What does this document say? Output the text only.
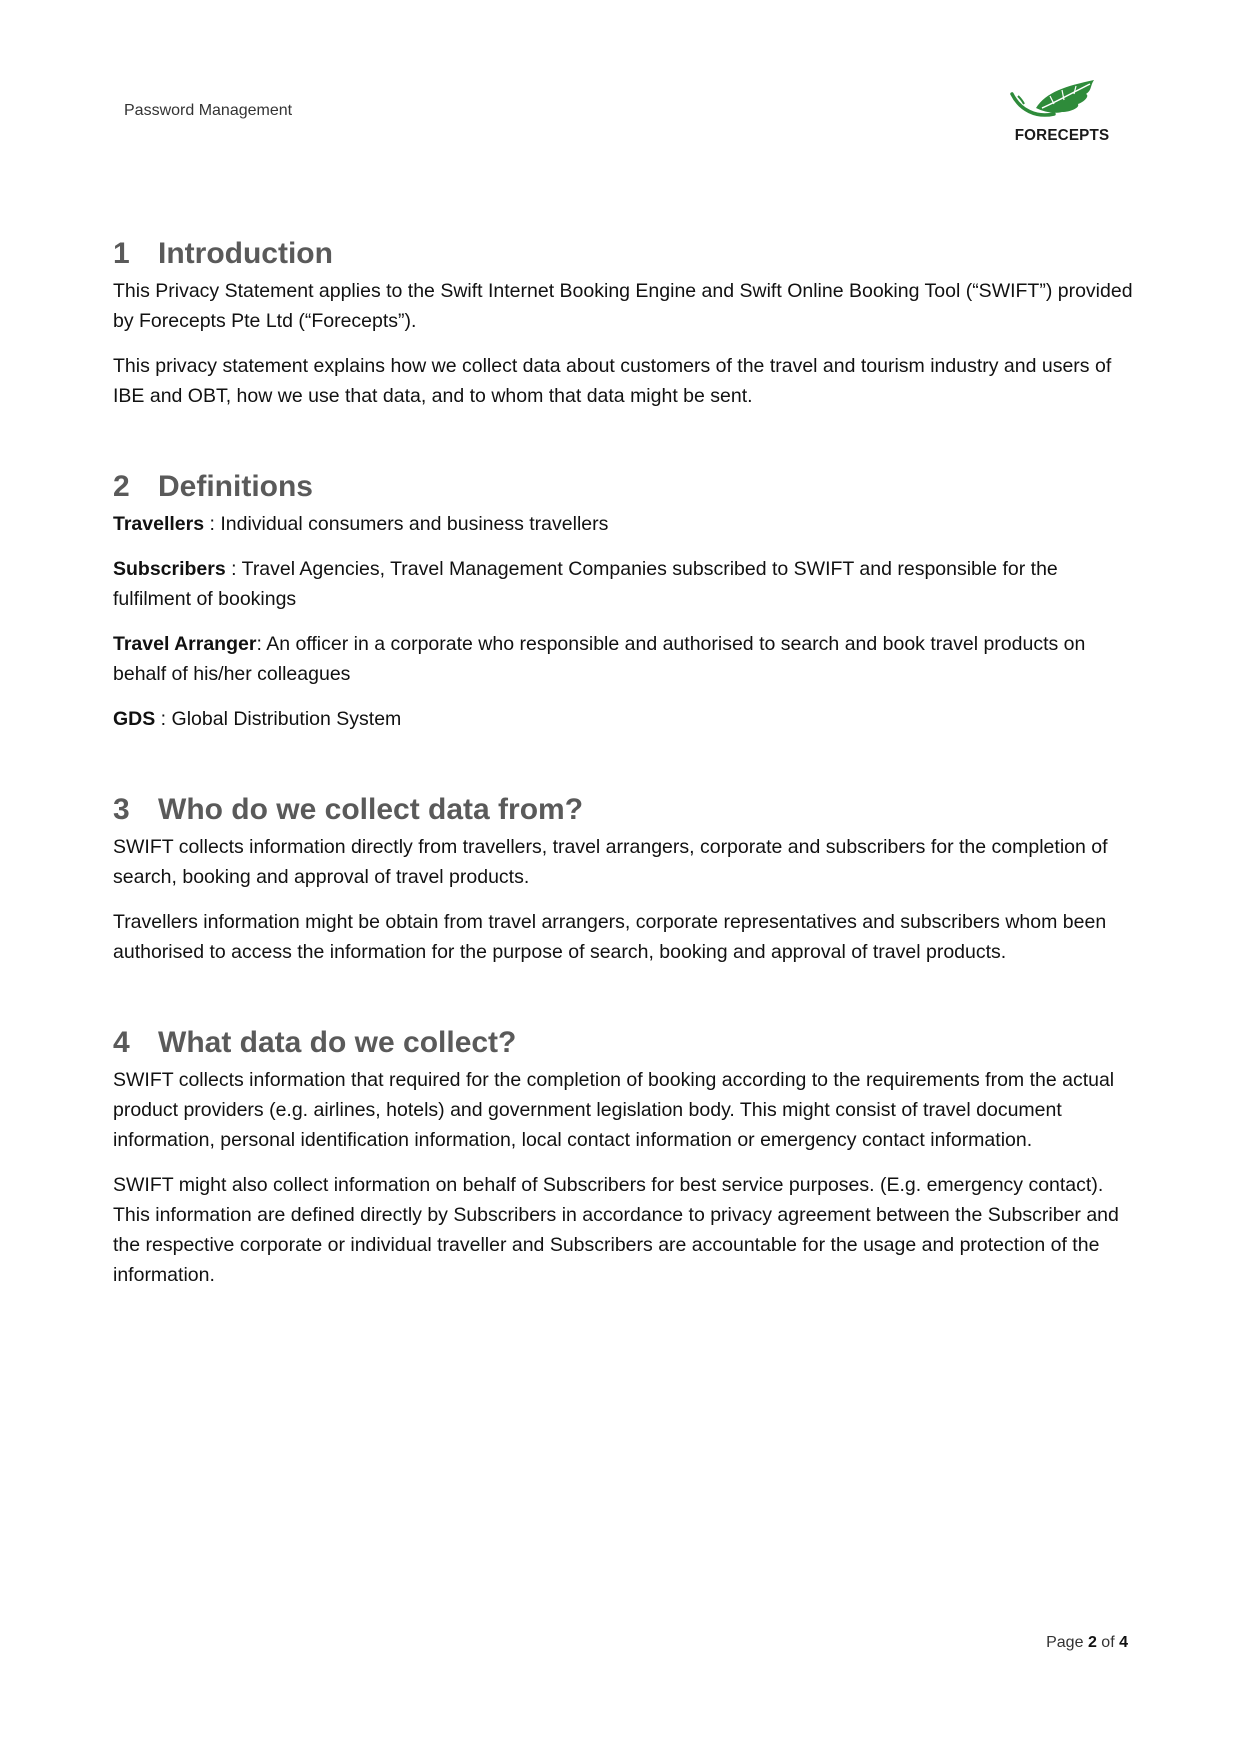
Password Management
FORECEPTS
1 Introduction

This Privacy Statement applies to the Swift Internet Booking Engine and Swift Online Booking Tool (“SWIFT”) provided by Forecepts Pte Ltd (“Forecepts”).

This privacy statement explains how we collect data about customers of the travel and tourism industry and users of IBE and OBT, how we use that data, and to whom that data might be sent.

2 Definitions

Travellers : Individual consumers and business travellers

Subscribers : Travel Agencies, Travel Management Companies subscribed to SWIFT and responsible for the fulfilment of bookings

Travel Arranger: An officer in a corporate who responsible and authorised to search and book travel products on behalf of his/her colleagues

GDS : Global Distribution System

3 Who do we collect data from?

SWIFT collects information directly from travellers, travel arrangers, corporate and subscribers for the completion of search, booking and approval of travel products.

Travellers information might be obtain from travel arrangers, corporate representatives and subscribers whom been authorised to access the information for the purpose of search, booking and approval of travel products.

4 What data do we collect?

SWIFT collects information that required for the completion of booking according to the requirements from the actual product providers (e.g. airlines, hotels) and government legislation body. This might consist of travel document information, personal identification information, local contact information or emergency contact information.

SWIFT might also collect information on behalf of Subscribers for best service purposes. (E.g. emergency contact). This information are defined directly by Subscribers in accordance to privacy agreement between the Subscriber and the respective corporate or individual traveller and Subscribers are accountable for the usage and protection of the information.

Page 2 of 4
